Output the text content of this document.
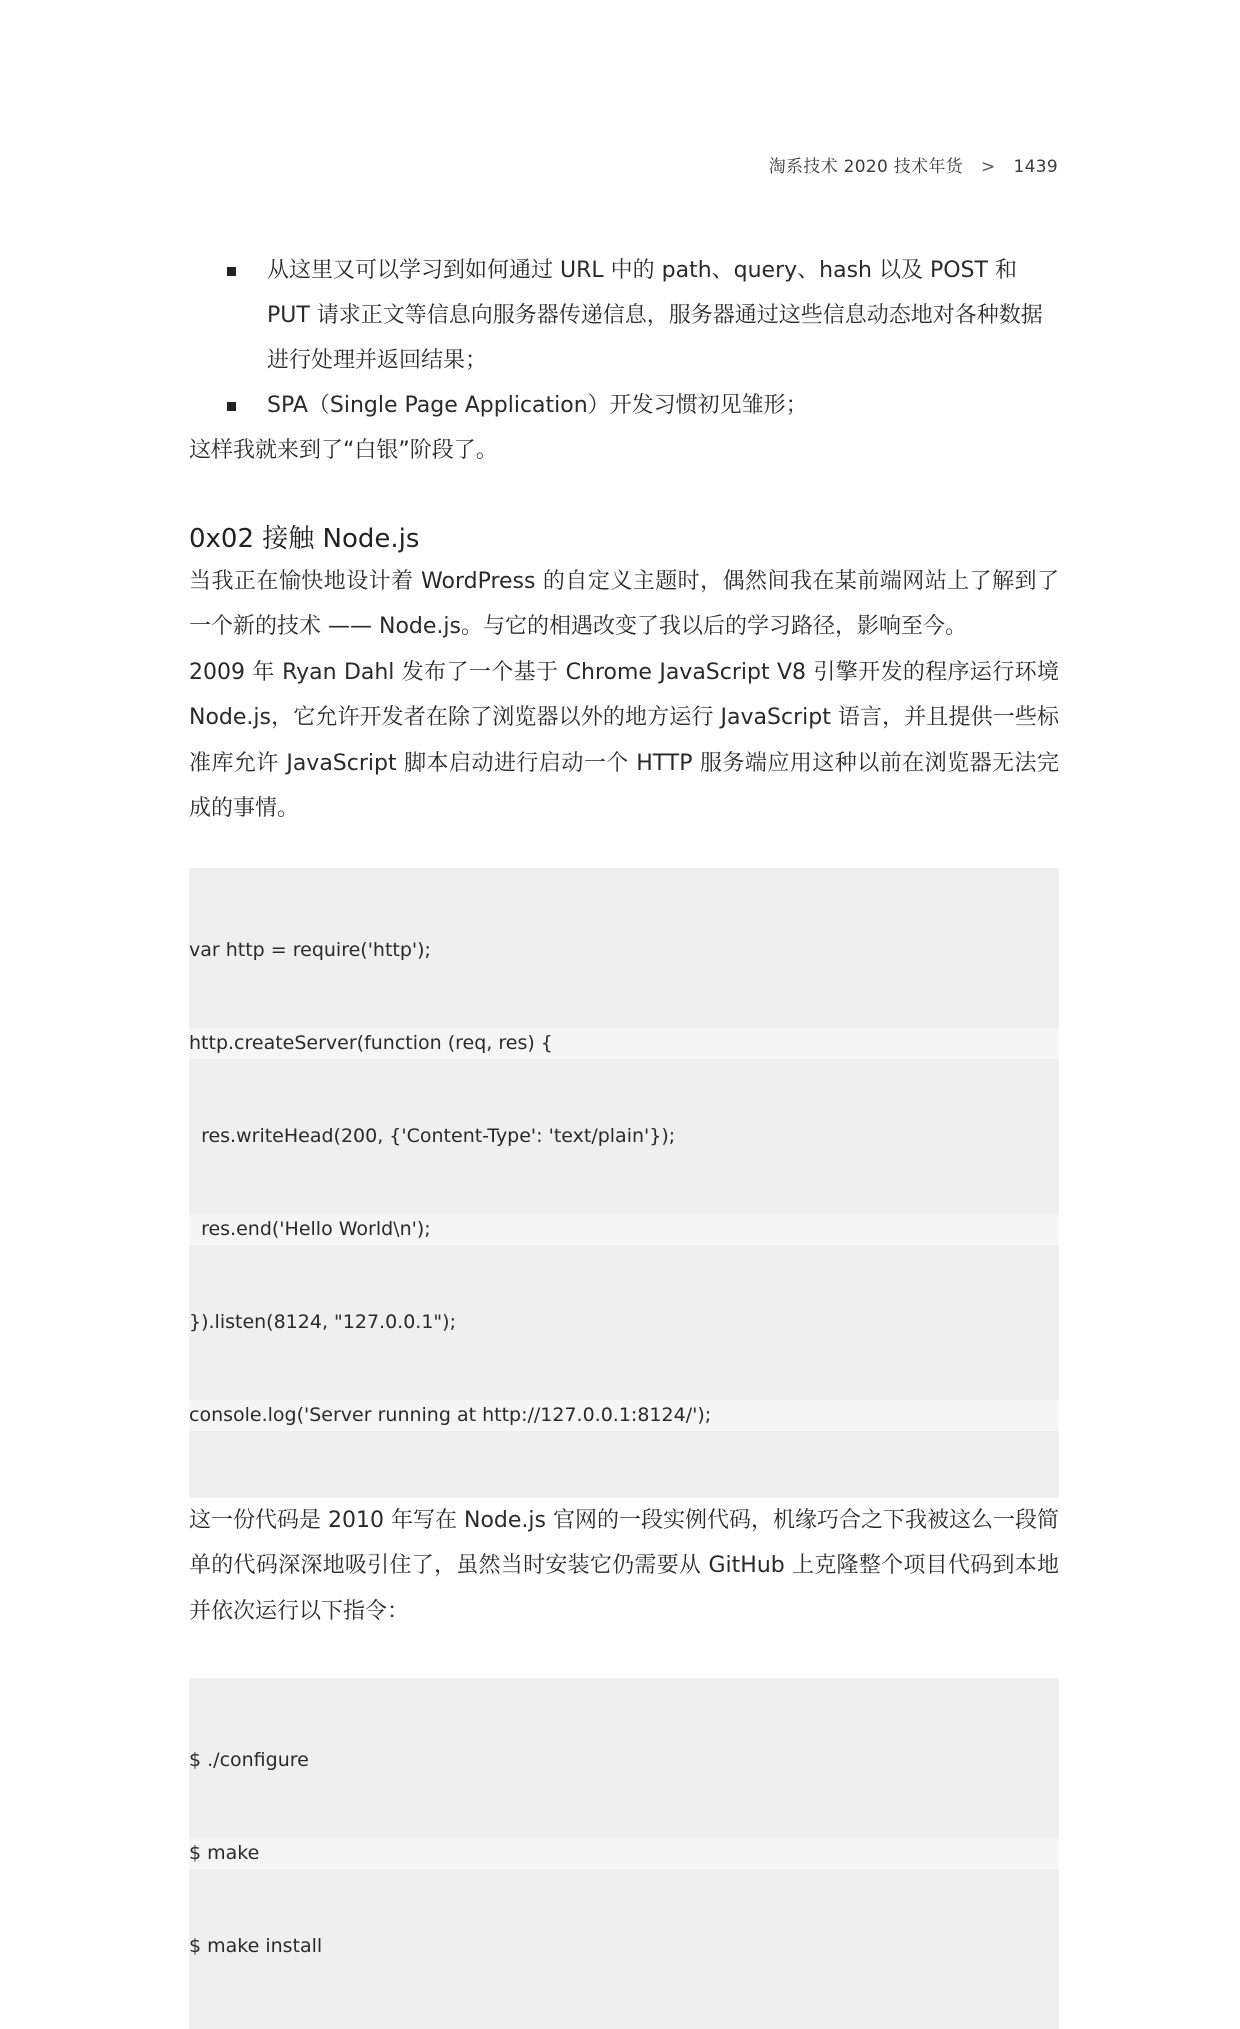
淘系技术 2020 技术年货 > 1439
从这里又可以学习到如何通过 URL 中的 path、query、hash 以及 POST 和 PUT 请求正文等信息向服务器传递信息，服务器通过这些信息动态地对各种数据进行处理并返回结果；
SPA（Single Page Application）开发习惯初见雏形；

这样我就来到了“白银”阶段了。

0x02 接触 Node.js

当我正在愉快地设计着 WordPress 的自定义主题时，偶然间我在某前端网站上了解到了一个新的技术 —— Node.js。与它的相遇改变了我以后的学习路径，影响至今。

2009 年 Ryan Dahl 发布了一个基于 Chrome JavaScript V8 引擎开发的程序运行环境 Node.js，它允许开发者在除了浏览器以外的地方运行 JavaScript 语言，并且提供一些标准库允许 JavaScript 脚本启动进行启动一个 HTTP 服务端应用这种以前在浏览器无法完成的事情。

var http = require('http');

http.createServer(function (req, res) {

res.writeHead(200, {'Content-Type': 'text/plain'});

res.end('Hello World\n');

}).listen(8124, "127.0.0.1");

console.log('Server running at http://127.0.0.1:8124/');

这一份代码是 2010 年写在 Node.js 官网的一段实例代码，机缘巧合之下我被这么一段简单的代码深深地吸引住了，虽然当时安装它仍需要从 GitHub 上克隆整个项目代码到本地并依次运行以下指令：

$ ./configure

$ make

$ make install
